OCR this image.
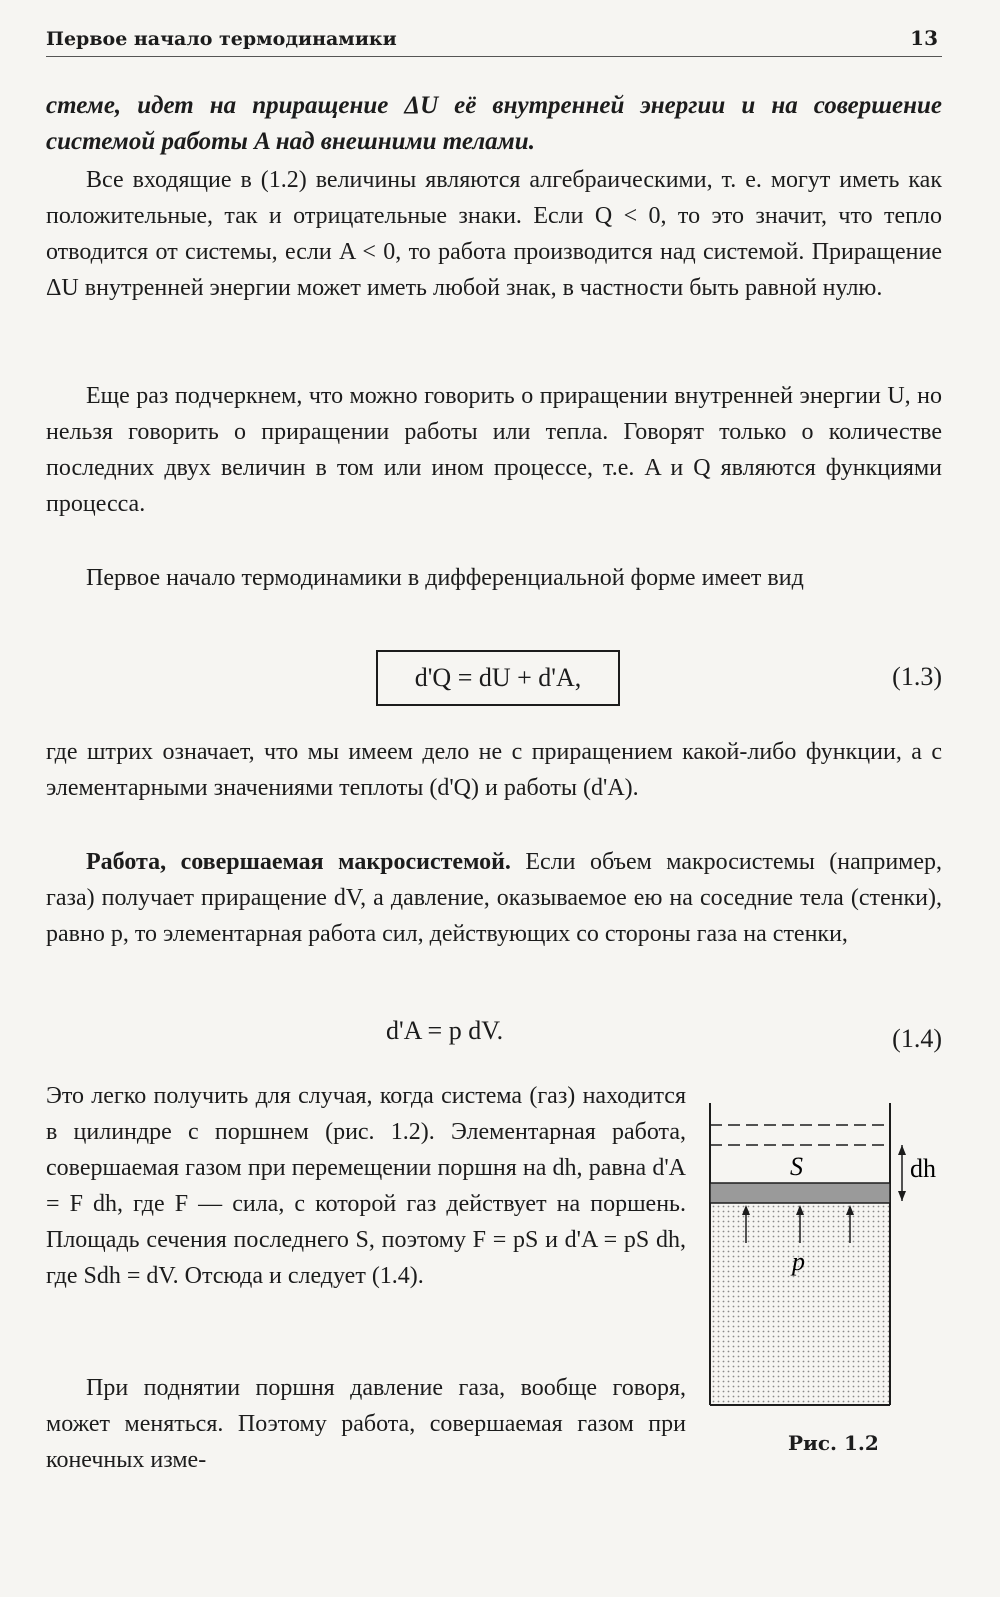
Первое начало термодинамики	13
стеме, идет на приращение ΔU её внутренней энергии и на совершение системой работы A над внешними телами.
Все входящие в (1.2) величины являются алгебраическими, т. е. могут иметь как положительные, так и отрицательные знаки. Если Q < 0, то это значит, что тепло отводится от системы, если A < 0, то работа производится над системой. Приращение ΔU внутренней энергии может иметь любой знак, в частности быть равной нулю.
Еще раз подчеркнем, что можно говорить о приращении внутренней энергии U, но нельзя говорить о приращении работы или тепла. Говорят только о количестве последних двух величин в том или ином процессе, т.е. A и Q являются функциями процесса.
Первое начало термодинамики в дифференциальной форме имеет вид
d'Q = dU + d'A,	(1.3)
где штрих означает, что мы имеем дело не с приращением какой-либо функции, а с элементарными значениями теплоты (d'Q) и работы (d'A).
Работа, совершаемая макросистемой. Если объем макросистемы (например, газа) получает приращение dV, а давление, оказываемое ею на соседние тела (стенки), равно p, то элементарная работа сил, действующих со стороны газа на стенки,
d'A = p dV.	(1.4)
Это легко получить для случая, когда система (газ) находится в цилиндре с поршнем (рис. 1.2). Элементарная работа, совершаемая газом при перемещении поршня на dh, равна d'A = F dh, где F — сила, с которой газ действует на поршень. Площадь сечения последнего S, поэтому F = pS и d'A = pS dh, где Sdh = dV. Отсюда и следует (1.4).
При поднятии поршня давление газа, вообще говоря, может меняться. Поэтому работа, совершаемая газом при конечных изме-
S	dh
p
Рис. 1.2
